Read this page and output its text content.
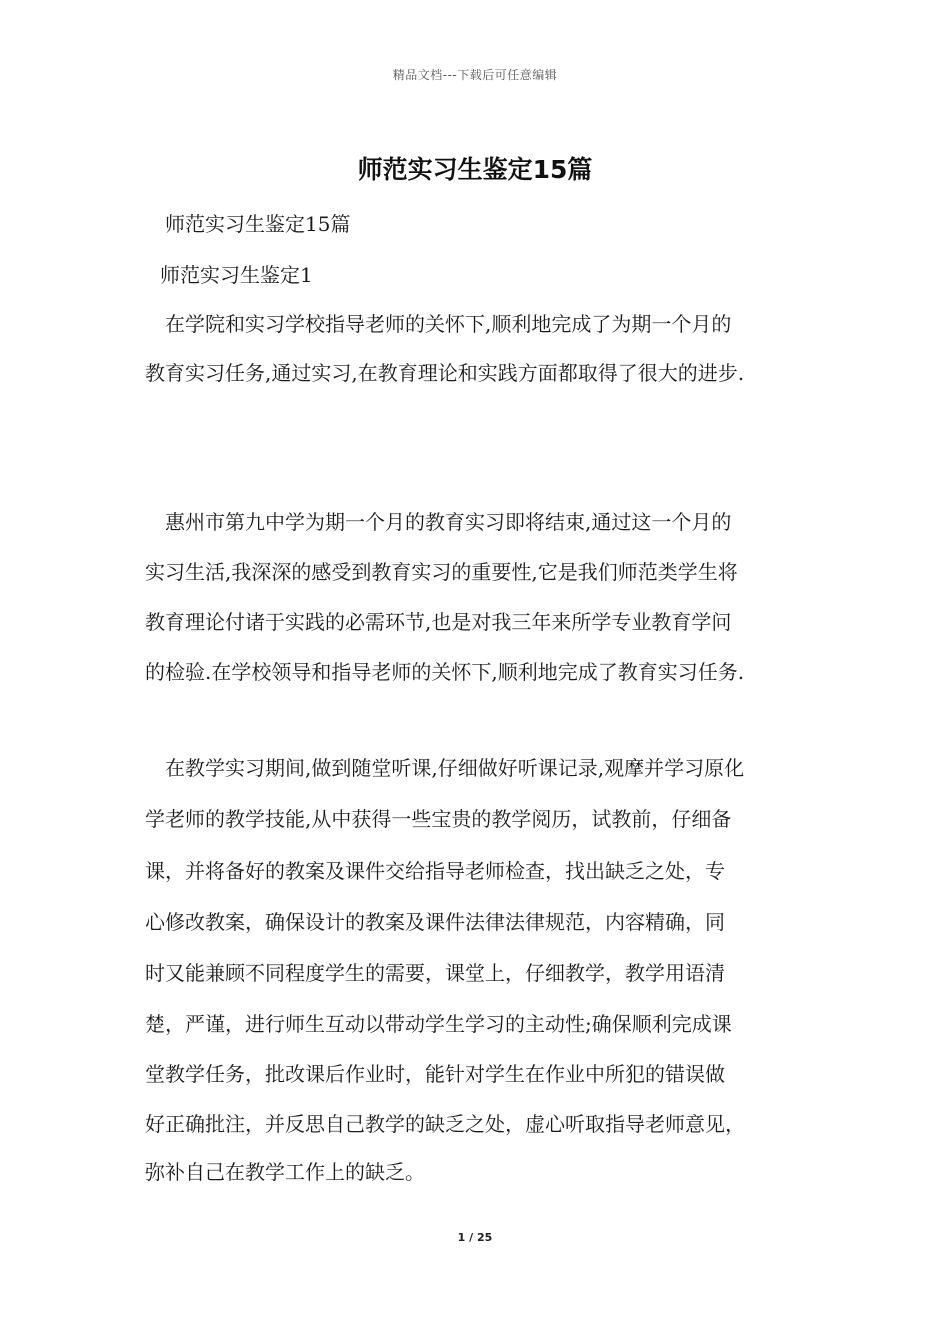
精品文档---下载后可任意编辑
师范实习生鉴定15篇
师范实习生鉴定15篇
师范实习生鉴定1
在学院和实习学校指导老师的关怀下,顺利地完成了为期一个月的
教育实习任务,通过实习,在教育理论和实践方面都取得了很大的进步.
惠州市第九中学为期一个月的教育实习即将结束,通过这一个月的
实习生活,我深深的感受到教育实习的重要性,它是我们师范类学生将
教育理论付诸于实践的必需环节,也是对我三年来所学专业教育学问
的检验.在学校领导和指导老师的关怀下,顺利地完成了教育实习任务.
在教学实习期间,做到随堂听课,仔细做好听课记录,观摩并学习原化
学老师的教学技能,从中获得一些宝贵的教学阅历，试教前，仔细备
课，并将备好的教案及课件交给指导老师检查，找出缺乏之处，专
心修改教案，确保设计的教案及课件法律法律规范，内容精确，同
时又能兼顾不同程度学生的需要，课堂上，仔细教学，教学用语清
楚，严谨，进行师生互动以带动学生学习的主动性;确保顺利完成课
堂教学任务，批改课后作业时，能针对学生在作业中所犯的错误做
好正确批注，并反思自己教学的缺乏之处，虚心听取指导老师意见，
弥补自己在教学工作上的缺乏。
1 / 25
